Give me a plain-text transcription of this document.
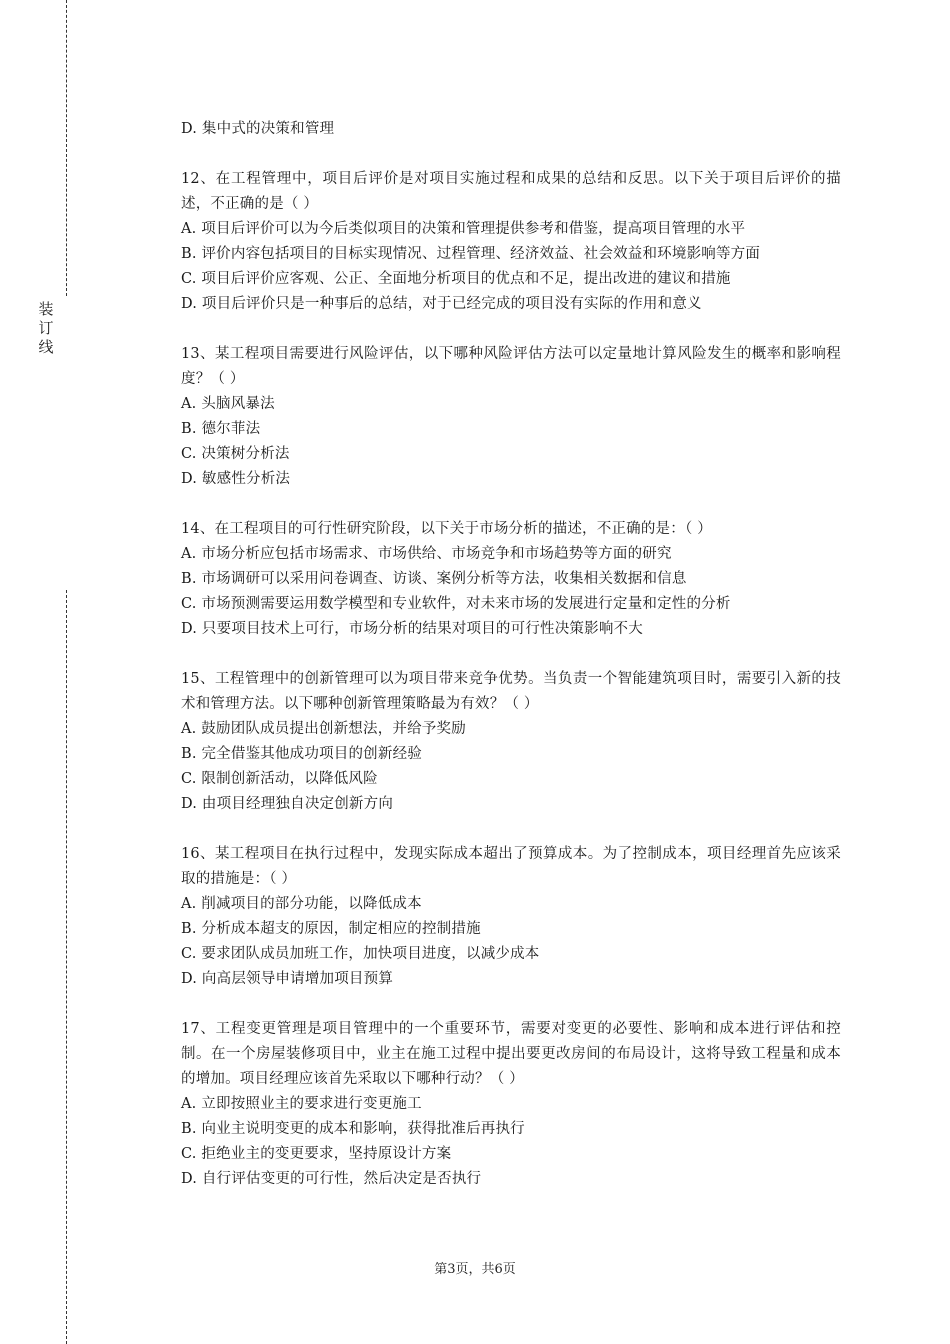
装
订
线
D. 集中式的决策和管理
12、在工程管理中，项目后评价是对项目实施过程和成果的总结和反思。以下关于项目后评价的描述，不正确的是（ ）
A. 项目后评价可以为今后类似项目的决策和管理提供参考和借鉴，提高项目管理的水平
B. 评价内容包括项目的目标实现情况、过程管理、经济效益、社会效益和环境影响等方面
C. 项目后评价应客观、公正、全面地分析项目的优点和不足，提出改进的建议和措施
D. 项目后评价只是一种事后的总结，对于已经完成的项目没有实际的作用和意义
13、某工程项目需要进行风险评估，以下哪种风险评估方法可以定量地计算风险发生的概率和影响程度？（ ）
A. 头脑风暴法
B. 德尔菲法
C. 决策树分析法
D. 敏感性分析法
14、在工程项目的可行性研究阶段，以下关于市场分析的描述，不正确的是：（ ）
A. 市场分析应包括市场需求、市场供给、市场竞争和市场趋势等方面的研究
B. 市场调研可以采用问卷调查、访谈、案例分析等方法，收集相关数据和信息
C. 市场预测需要运用数学模型和专业软件，对未来市场的发展进行定量和定性的分析
D. 只要项目技术上可行，市场分析的结果对项目的可行性决策影响不大
15、工程管理中的创新管理可以为项目带来竞争优势。当负责一个智能建筑项目时，需要引入新的技术和管理方法。以下哪种创新管理策略最为有效？（ ）
A. 鼓励团队成员提出创新想法，并给予奖励
B. 完全借鉴其他成功项目的创新经验
C. 限制创新活动，以降低风险
D. 由项目经理独自决定创新方向
16、某工程项目在执行过程中，发现实际成本超出了预算成本。为了控制成本，项目经理首先应该采取的措施是：（ ）
A. 削减项目的部分功能，以降低成本
B. 分析成本超支的原因，制定相应的控制措施
C. 要求团队成员加班工作，加快项目进度，以减少成本
D. 向高层领导申请增加项目预算
17、工程变更管理是项目管理中的一个重要环节，需要对变更的必要性、影响和成本进行评估和控制。在一个房屋装修项目中，业主在施工过程中提出要更改房间的布局设计，这将导致工程量和成本的增加。项目经理应该首先采取以下哪种行动？（ ）
A. 立即按照业主的要求进行变更施工
B. 向业主说明变更的成本和影响，获得批准后再执行
C. 拒绝业主的变更要求，坚持原设计方案
D. 自行评估变更的可行性，然后决定是否执行
第3页，共6页
